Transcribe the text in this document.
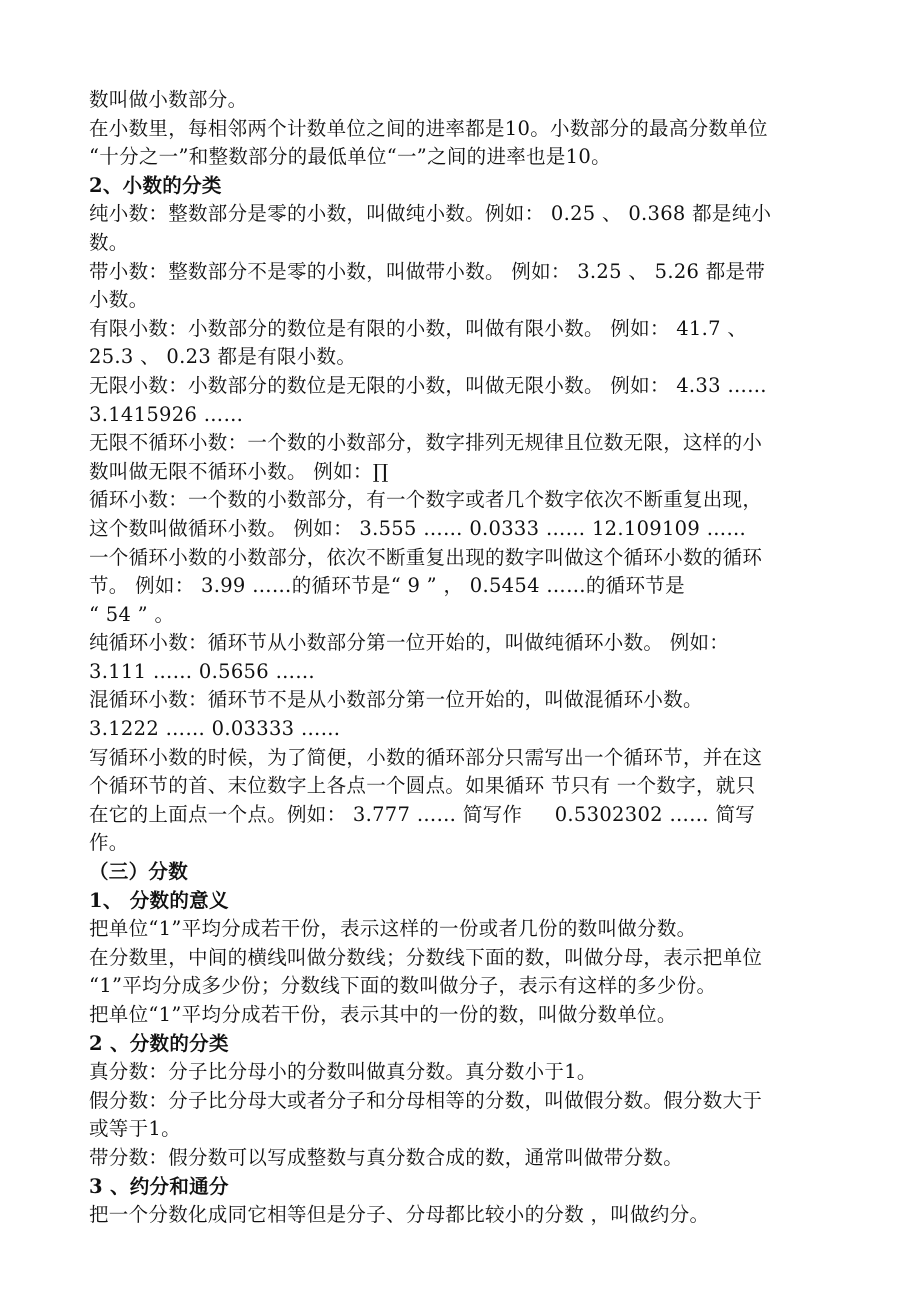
数叫做小数部分。
在小数里，每相邻两个计数单位之间的进率都是10。小数部分的最高分数单位
“十分之一”和整数部分的最低单位“一”之间的进率也是10。
2、小数的分类
纯小数：整数部分是零的小数，叫做纯小数。例如： 0.25 、 0.368 都是纯小
数。
带小数：整数部分不是零的小数，叫做带小数。 例如： 3.25 、 5.26 都是带
小数。
有限小数：小数部分的数位是有限的小数，叫做有限小数。 例如： 41.7 、
25.3 、 0.23 都是有限小数。
无限小数：小数部分的数位是无限的小数，叫做无限小数。 例如： 4.33 ……
3.1415926 ……
无限不循环小数：一个数的小数部分，数字排列无规律且位数无限，这样的小
数叫做无限不循环小数。 例如：∏
循环小数：一个数的小数部分，有一个数字或者几个数字依次不断重复出现，
这个数叫做循环小数。 例如： 3.555 …… 0.0333 …… 12.109109 ……
一个循环小数的小数部分，依次不断重复出现的数字叫做这个循环小数的循环
节。 例如： 3.99 ……的循环节是“ 9 ” ， 0.5454 ……的循环节是
“ 54 ” 。
纯循环小数：循环节从小数部分第一位开始的，叫做纯循环小数。 例如：
3.111 …… 0.5656 ……
混循环小数：循环节不是从小数部分第一位开始的，叫做混循环小数。
3.1222 …… 0.03333 ……
写循环小数的时候，为了简便，小数的循环部分只需写出一个循环节，并在这
个循环节的首、末位数字上各点一个圆点。如果循环 节只有 一个数字，就只
在它的上面点一个点。例如： 3.777 …… 简写作     0.5302302 …… 简写
作。
（三）分数
1、 分数的意义
把单位“1”平均分成若干份，表示这样的一份或者几份的数叫做分数。
在分数里，中间的横线叫做分数线；分数线下面的数，叫做分母，表示把单位
“1”平均分成多少份；分数线下面的数叫做分子，表示有这样的多少份。
把单位“1”平均分成若干份，表示其中的一份的数，叫做分数单位。
2 、分数的分类
真分数：分子比分母小的分数叫做真分数。真分数小于1。
假分数：分子比分母大或者分子和分母相等的分数，叫做假分数。假分数大于
或等于1。
带分数：假分数可以写成整数与真分数合成的数，通常叫做带分数。
3 、约分和通分
把一个分数化成同它相等但是分子、分母都比较小的分数 ，叫做约分。
